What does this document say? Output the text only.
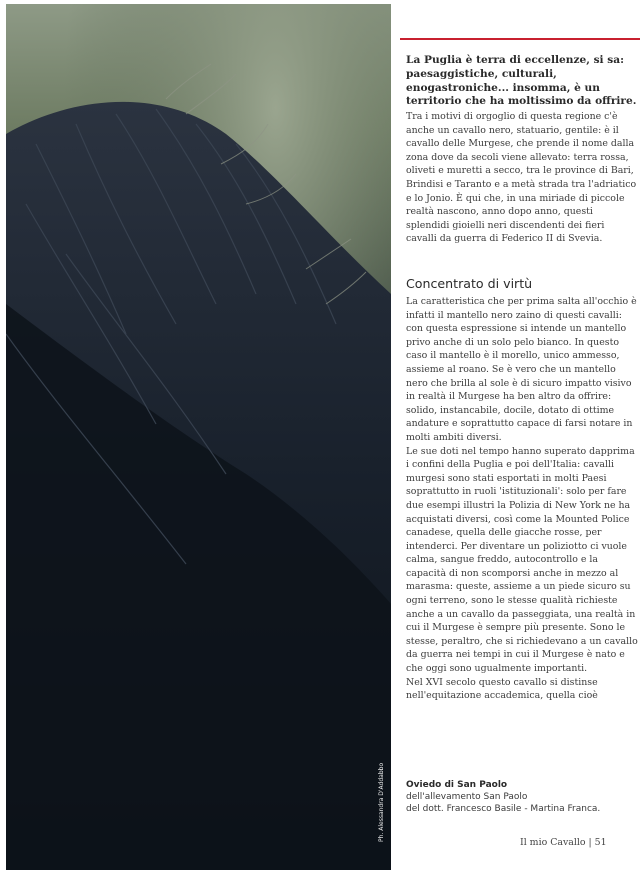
Ph. Alessandra D'Addabbo

La Puglia è terra di eccellenze, si sa: paesaggistiche, culturali, enogastroniche... insomma, è un territorio che ha moltissimo da offrire.

Tra i motivi di orgoglio di questa regione c'è anche un cavallo nero, statuario, gentile: è il cavallo delle Murgese, che prende il nome dalla zona dove da secoli viene allevato: terra rossa, oliveti e muretti a secco, tra le province di Bari, Brindisi e Taranto e a metà strada tra l'adriatico e lo Jonio. È qui che, in una miriade di piccole realtà nascono, anno dopo anno, questi splendidi gioielli neri discendenti dei fieri cavalli da guerra di Federico II di Svevia.

Concentrato di virtù

La caratteristica che per prima salta all'occhio è infatti il mantello nero zaino di questi cavalli: con questa espressione si intende un mantello privo anche di un solo pelo bianco. In questo caso il mantello è il morello, unico ammesso, assieme al roano. Se è vero che un mantello nero che brilla al sole è di sicuro impatto visivo in realtà il Murgese ha ben altro da offrire: solido, instancabile, docile, dotato di ottime andature e soprattutto capace di farsi notare in molti ambiti diversi.

Le sue doti nel tempo hanno superato dapprima i confini della Puglia e poi dell'Italia: cavalli murgesi sono stati esportati in molti Paesi soprattutto in ruoli 'istituzionali': solo per fare due esempi illustri la Polizia di New York ne ha acquistati diversi, così come la Mounted Police canadese, quella delle giacche rosse, per intenderci. Per diventare un poliziotto ci vuole calma, sangue freddo, autocontrollo e la capacità di non scomporsi anche in mezzo al marasma: queste, assieme a un piede sicuro su ogni terreno, sono le stesse qualità richieste anche a un cavallo da passeggiata, una realtà in cui il Murgese è sempre più presente. Sono le stesse, peraltro, che si richiedevano a un cavallo da guerra nei tempi in cui il Murgese è nato e che oggi sono ugualmente importanti.

Nel XVI secolo questo cavallo si distinse nell'equitazione accademica, quella cioè

Oviedo di San Paolo

dell'allevamento San Paolo

del dott. Francesco Basile - Martina Franca.

Il mio Cavallo | 51
